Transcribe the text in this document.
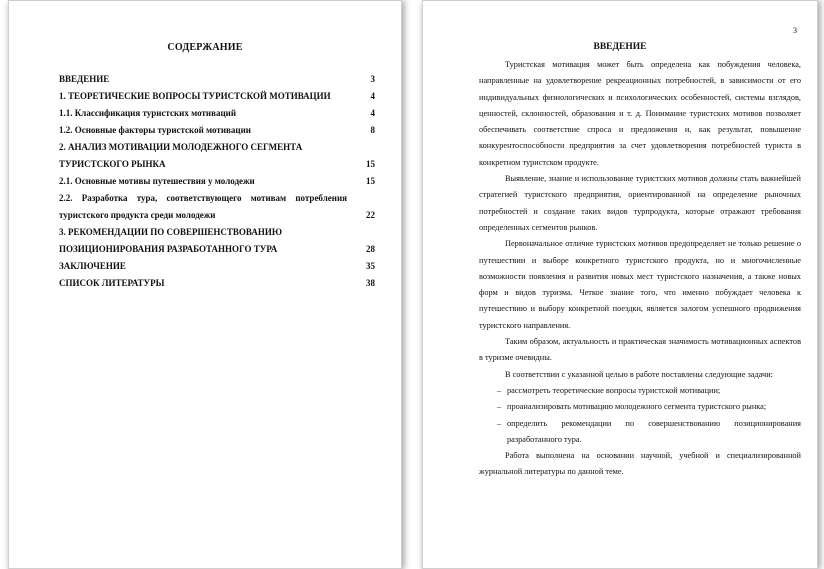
СОДЕРЖАНИЕ
ВВЕДЕНИЕ	3
1. ТЕОРЕТИЧЕСКИЕ ВОПРОСЫ ТУРИСТСКОЙ МОТИВАЦИИ	4
1.1. Классификация туристских мотиваций	4
1.2. Основные факторы туристской мотивации	8
2. АНАЛИЗ МОТИВАЦИИ МОЛОДЕЖНОГО СЕГМЕНТА ТУРИСТСКОГО РЫНКА	15
2.1. Основные мотивы путешествия у молодежи	15
2.2. Разработка тура, соответствующего мотивам потребления туристского продукта среди молодежи	22
3. РЕКОМЕНДАЦИИ ПО СОВЕРШЕНСТВОВАНИЮ ПОЗИЦИОНИРОВАНИЯ РАЗРАБОТАННОГО ТУРА	28
ЗАКЛЮЧЕНИЕ	35
СПИСОК ЛИТЕРАТУРЫ	38
3
ВВЕДЕНИЕ

Туристская мотивация может быть определена как побуждения человека, направленные на удовлетворение рекреационных потребностей, в зависимости от его индивидуальных физиологических и психологических особенностей, системы взглядов, ценностей, склонностей, образования и т. д. Понимание туристских мотивов позволяет обеспечивать соответствие спроса и предложения и, как результат, повышение конкурентоспособности предприятия за счет удовлетворения потребностей туриста в конкретном туристском продукте.

Выявление, знание и использование туристских мотивов должны стать важнейшей стратегией туристского предприятия, ориентированной на определение рыночных потребностей и создание таких видов турпродукта, которые отражают требования определенных сегментов рынков.

Первоначальное отличие туристских мотивов предопределяет не только решение о путешествии и выборе конкретного туристского продукта, но и многочисленные возможности появления и развития новых мест туристского назначения, а также новых форм и видов туризма. Четкое знание того, что именно побуждает человека к путешествию и выбору конкретной поездки, является залогом успешного продвижения туристского направления.

Таким образом, актуальность и практическая значимость мотивационных аспектов в туризме очевидны.

В соответствии с указанной целью в работе поставлены следующие задачи:

– рассмотреть теоретические вопросы туристской мотивации;
– проанализировать мотивацию молодежного сегмента туристского рынка;
– определить рекомендации по совершенствованию позиционирования разработанного тура.

Работа выполнена на основании научной, учебной и специализированной журнальной литературы по данной теме.
